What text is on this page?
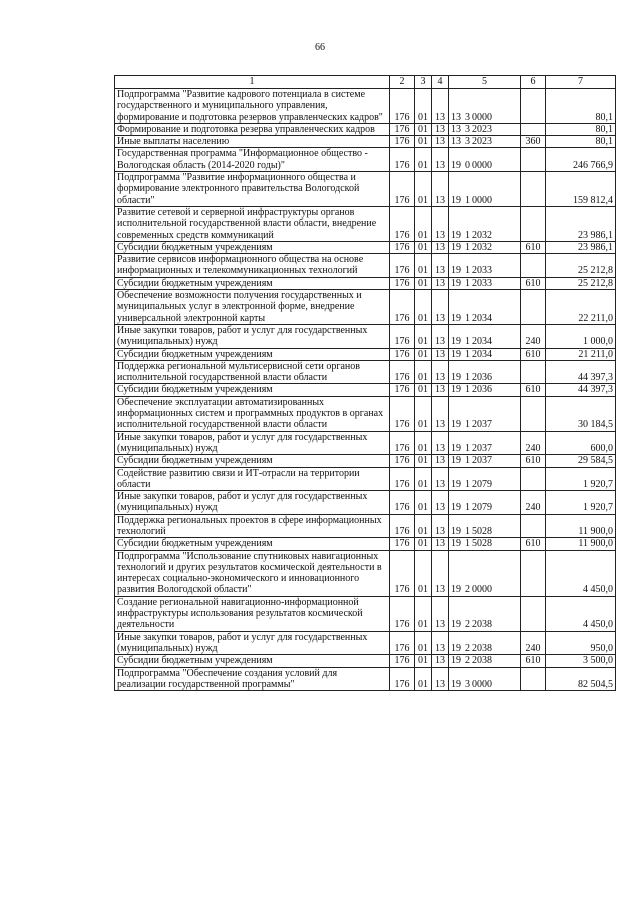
66
1	2	3	4	5	6	7
Подпрограмма "Развитие кадрового потенциала в системе государственного и муниципального управления, формирование и подготовка резервов управленческих кадров"	176	01	13	13 3 0000		80,1
Формирование и подготовка резерва управленческих кадров	176	01	13	13 3 2023		80,1
Иные выплаты населению	176	01	13	13 3 2023	360	80,1
Государственная программа "Информационное общество - Вологодская область (2014-2020 годы)"	176	01	13	19 0 0000		246 766,9
Подпрограмма "Развитие информационного общества и формирование электронного правительства Вологодской области"	176	01	13	19 1 0000		159 812,4
Развитие сетевой и серверной инфраструктуры органов исполнительной государственной власти области, внедрение современных средств коммуникаций	176	01	13	19 1 2032		23 986,1
Субсидии бюджетным учреждениям	176	01	13	19 1 2032	610	23 986,1
Развитие сервисов информационного общества на основе информационных и телекоммуникационных технологий	176	01	13	19 1 2033		25 212,8
Субсидии бюджетным учреждениям	176	01	13	19 1 2033	610	25 212,8
Обеспечение возможности получения государственных и муниципальных услуг в электронной форме, внедрение универсальной электронной карты	176	01	13	19 1 2034		22 211,0
Иные закупки товаров, работ и услуг для государственных (муниципальных) нужд	176	01	13	19 1 2034	240	1 000,0
Субсидии бюджетным учреждениям	176	01	13	19 1 2034	610	21 211,0
Поддержка региональной мультисервисной сети органов исполнительной государственной власти области	176	01	13	19 1 2036		44 397,3
Субсидии бюджетным учреждениям	176	01	13	19 1 2036	610	44 397,3
Обеспечение эксплуатации автоматизированных информационных систем и программных продуктов в органах исполнительной государственной власти области	176	01	13	19 1 2037		30 184,5
Иные закупки товаров, работ и услуг для государственных (муниципальных) нужд	176	01	13	19 1 2037	240	600,0
Субсидии бюджетным учреждениям	176	01	13	19 1 2037	610	29 584,5
Содействие развитию связи и ИТ-отрасли на территории области	176	01	13	19 1 2079		1 920,7
Иные закупки товаров, работ и услуг для государственных (муниципальных) нужд	176	01	13	19 1 2079	240	1 920,7
Поддержка региональных проектов в сфере информационных технологий	176	01	13	19 1 5028		11 900,0
Субсидии бюджетным учреждениям	176	01	13	19 1 5028	610	11 900,0
Подпрограмма "Использование спутниковых навигационных технологий и других результатов космической деятельности в интересах социально-экономического и инновационного развития Вологодской области"	176	01	13	19 2 0000		4 450,0
Создание региональной навигационно-информационной инфраструктуры использования результатов космической деятельности	176	01	13	19 2 2038		4 450,0
Иные закупки товаров, работ и услуг для государственных (муниципальных) нужд	176	01	13	19 2 2038	240	950,0
Субсидии бюджетным учреждениям	176	01	13	19 2 2038	610	3 500,0
Подпрограмма "Обеспечение создания условий для реализации государственной программы"	176	01	13	19 3 0000		82 504,5
